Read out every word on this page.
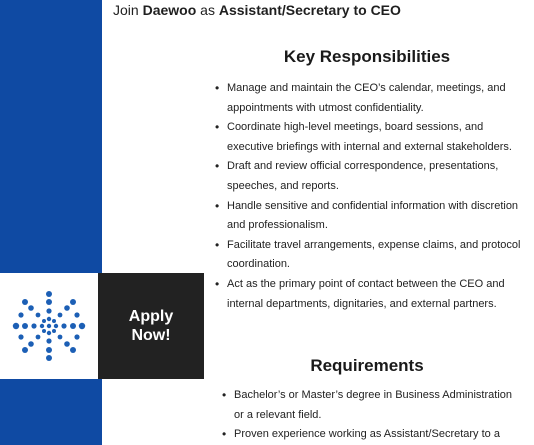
Apply
Now!
Join Daewoo as Assistant/Secretary to CEO
Key Responsibilities
• Manage and maintain the CEO’s calendar, meetings, and appointments with utmost confidentiality.
• Coordinate high-level meetings, board sessions, and executive briefings with internal and external stakeholders.
• Draft and review official correspondence, presentations, speeches, and reports.
• Handle sensitive and confidential information with discretion and professionalism.
• Facilitate travel arrangements, expense claims, and protocol coordination.
• Act as the primary point of contact between the CEO and internal departments, dignitaries, and external partners.
Requirements
• Bachelor’s or Master’s degree in Business Administration or a relevant field.
• Proven experience working as Assistant/Secretary to a
